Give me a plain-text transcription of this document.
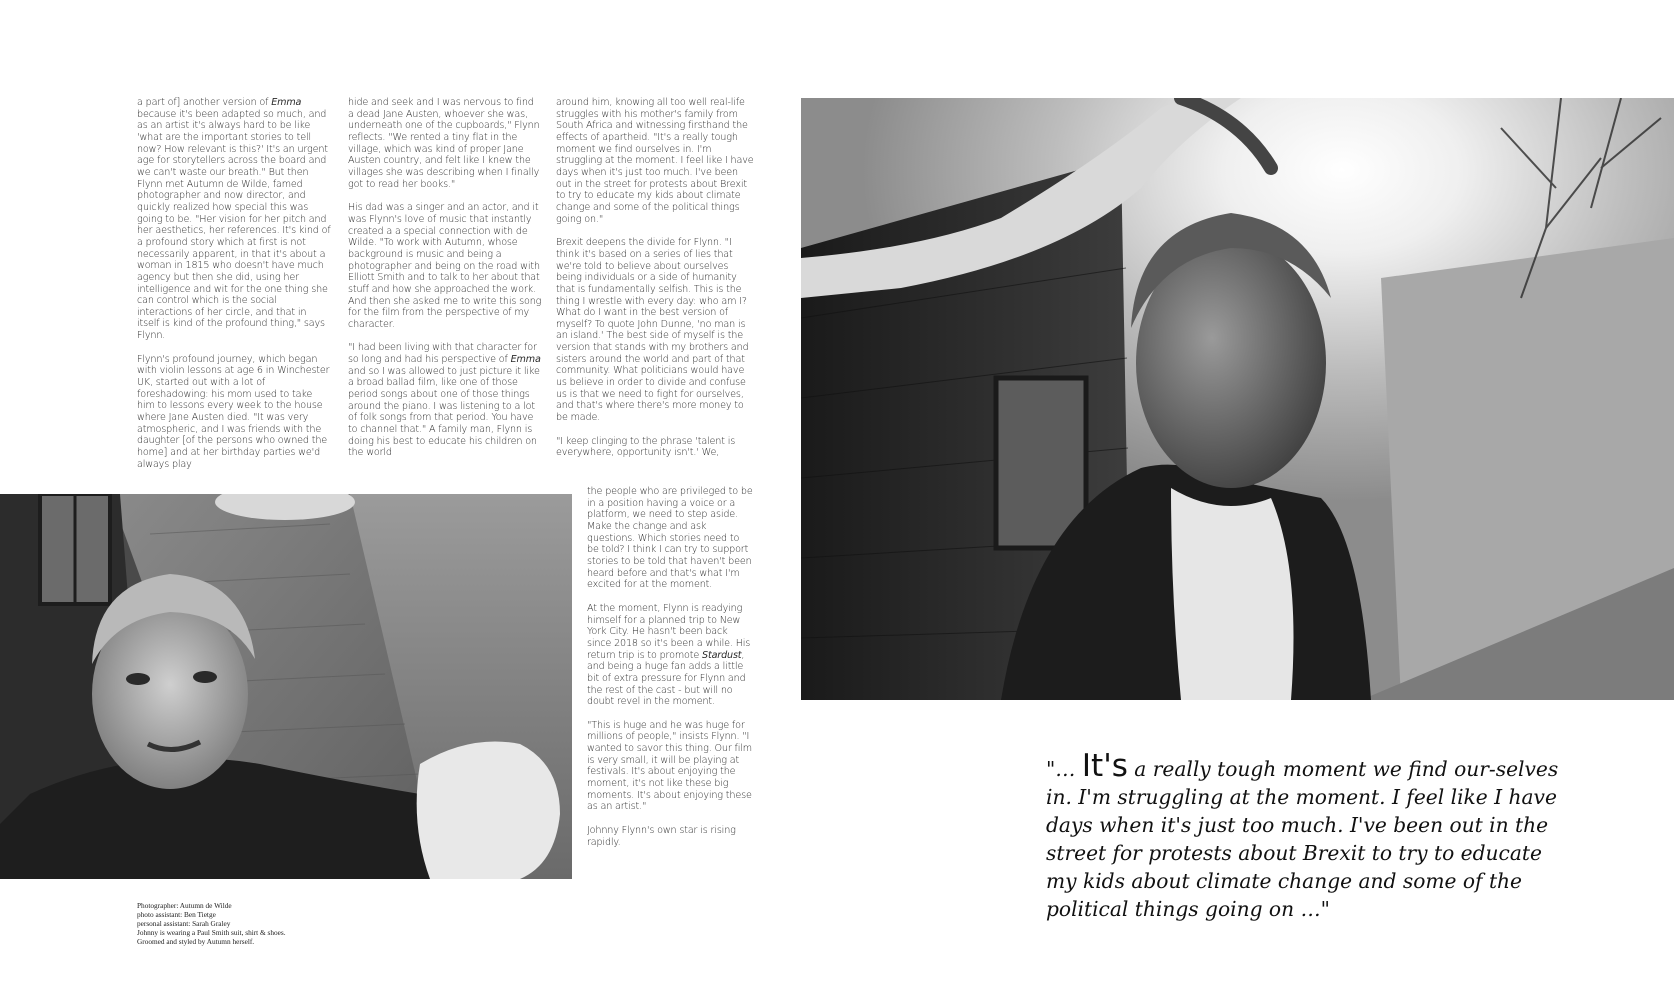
a part of] another version of Emma because it's been adapted so much, and as an artist it's always hard to be like 'what are the important stories to tell now? How relevant is this?' It's an urgent age for storytellers across the board and we can't waste our breath." But then Flynn met Autumn de Wilde, famed photographer and now director, and quickly realized how special this was going to be. "Her vision for her pitch and her aesthetics, her references. It's kind of a profound story which at first is not necessarily apparent, in that it's about a woman in 1815 who doesn't have much agency but then she did, using her intelligence and wit for the one thing she can control which is the social interactions of her circle, and that in itself is kind of the profound thing," says Flynn.

Flynn's profound journey, which began with violin lessons at age 6 in Winchester UK, started out with a lot of foreshadowing: his mom used to take him to lessons every week to the house where Jane Austen died. "It was very atmospheric, and I was friends with the daughter [of the persons who owned the home] and at her birthday parties we'd always play

hide and seek and I was nervous to find a dead Jane Austen, whoever she was, underneath one of the cupboards," Flynn reflects. "We rented a tiny flat in the village, which was kind of proper Jane Austen country, and felt like I knew the villages she was describing when I finally got to read her books."

His dad was a singer and an actor, and it was Flynn's love of music that instantly created a a special connection with de Wilde. "To work with Autumn, whose background is music and being a photographer and being on the road with Elliott Smith and to talk to her about that stuff and how she approached the work. And then she asked me to write this song for the film from the perspective of my character.

"I had been living with that character for so long and had his perspective of Emma and so I was allowed to just picture it like a broad ballad film, like one of those period songs about one of those things around the piano. I was listening to a lot of folk songs from that period. You have to channel that." A family man, Flynn is doing his best to educate his children on the world

around him, knowing all too well real-life struggles with his mother's family from South Africa and witnessing firsthand the effects of apartheid. "It's a really tough moment we find ourselves in. I'm struggling at the moment. I feel like I have days when it's just too much. I've been out in the street for protests about Brexit to try to educate my kids about climate change and some of the political things going on."

Brexit deepens the divide for Flynn. "I think it's based on a series of lies that we're told to believe about ourselves being individuals or a side of humanity that is fundamentally selfish. This is the thing I wrestle with every day: who am I? What do I want in the best version of myself? To quote John Dunne, 'no man is an island.' The best side of myself is the version that stands with my brothers and sisters around the world and part of that community. What politicians would have us believe in order to divide and confuse us is that we need to fight for ourselves, and that's where there's more money to be made.

"I keep clinging to the phrase 'talent is everywhere, opportunity isn't.' We,

the people who are privileged to be in a position having a voice or a platform, we need to step aside. Make the change and ask questions. Which stories need to be told? I think I can try to support stories to be told that haven't been heard before and that's what I'm excited for at the moment.

At the moment, Flynn is readying himself for a planned trip to New York City. He hasn't been back since 2018 so it's been a while. His return trip is to promote Stardust, and being a huge fan adds a little bit of extra pressure for Flynn and the rest of the cast - but will no doubt revel in the moment.

"This is huge and he was huge for millions of people," insists Flynn. "I wanted to savor this thing. Our film is very small, it will be playing at festivals. It's about enjoying the moment, it's not like these big moments. It's about enjoying these as an artist."

Johnny Flynn's own star is rising rapidly.

Photographer: Autumn de Wilde
photo assistant: Ben Tietge
personal assistant: Sarah Graley
Johnny is wearing a Paul Smith suit, shirt & shoes.
Groomed and styled by Autumn herself.
"… It's a really tough moment we find our-selves in. I'm struggling at the moment. I feel like I have days when it's just too much. I've been out in the street for protests about Brexit to try to educate my kids about climate change and some of the political things going on …"
